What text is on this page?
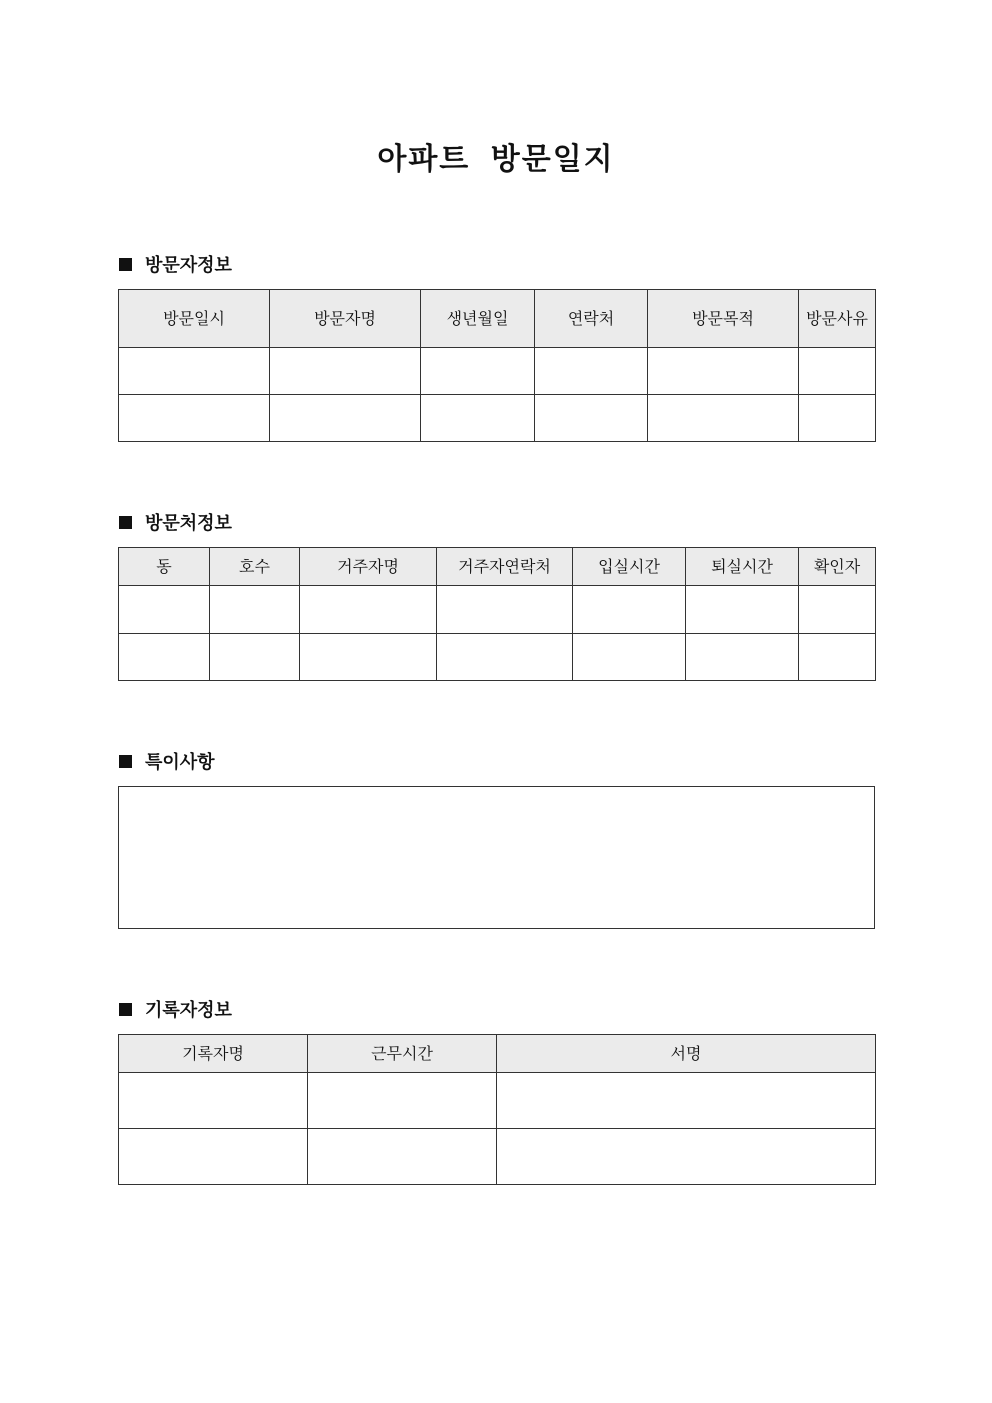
아파트 방문일지
방문자정보
방문일시	방문자명	생년월일	연락처	방문목적	방문사유

방문처정보
동	호수	거주자명	거주자연락처	입실시간	퇴실시간	확인자

특이사항
기록자정보
기록자명	근무시간	서명
